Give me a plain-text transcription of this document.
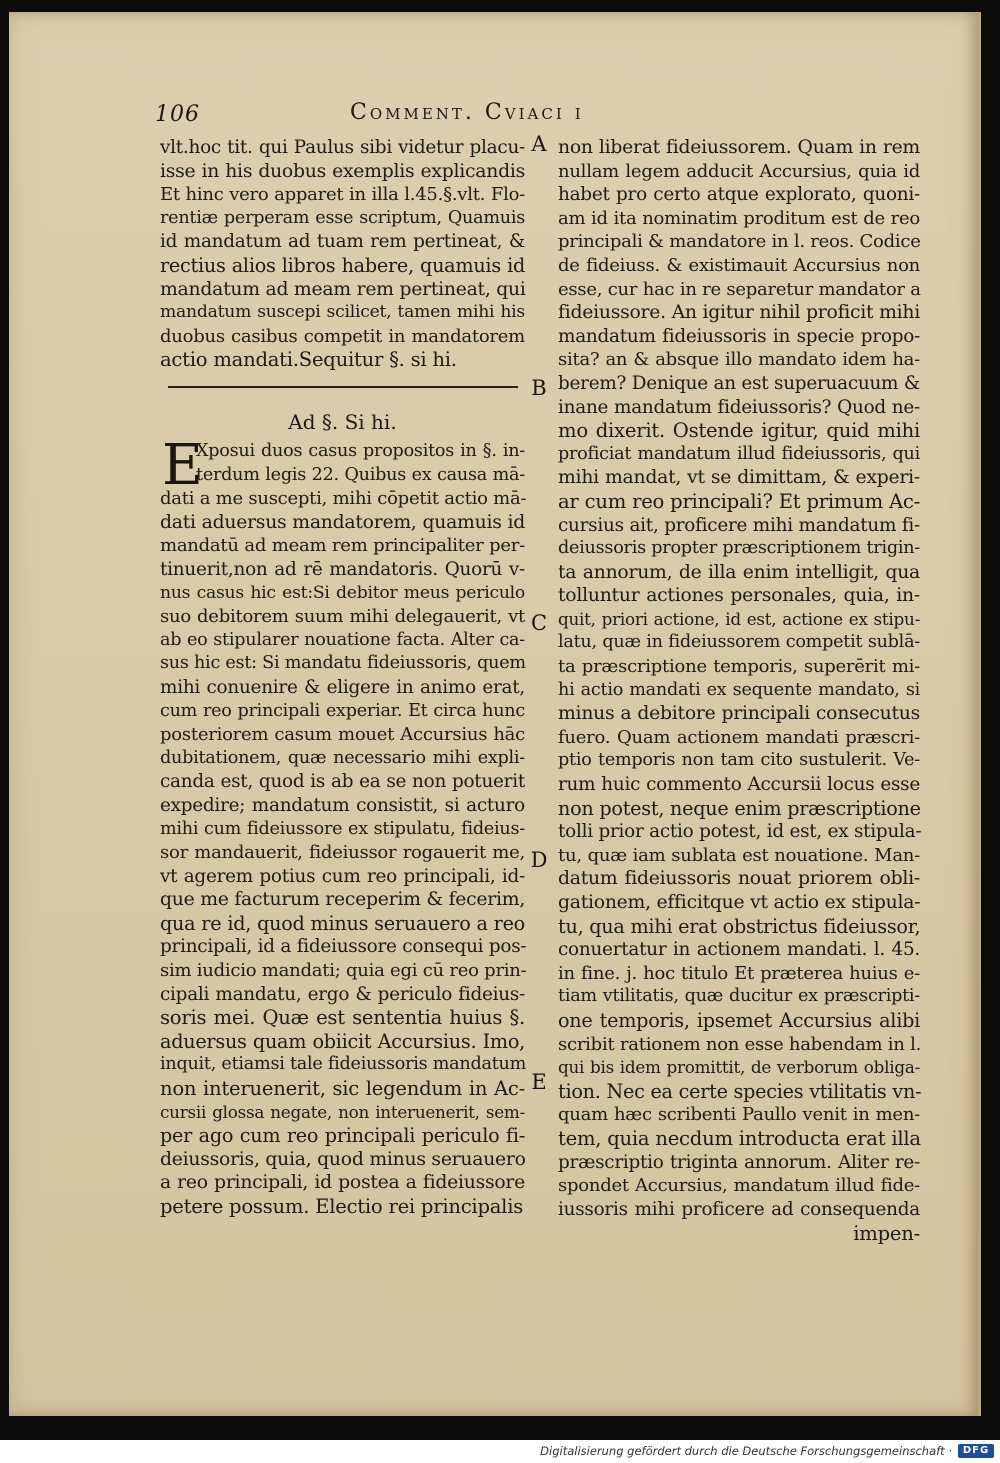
106	Comment. Cviaci i
vlt.hoc tit. qui Paulus sibi videtur placu-
isse in his duobus exemplis explicandis
Et hinc vero apparet in illa l.45.§.vlt. Flo-
rentiæ perperam esse scriptum, Quamuis
id mandatum ad tuam rem pertineat, &
rectius alios libros habere, quamuis id
mandatum ad meam rem pertineat, qui
mandatum suscepi scilicet, tamen mihi his
duobus casibus competit in mandatorem
actio mandati.Sequitur §. si hi.
Ad §. Si hi.
E
Xposui duos casus propositos in §. in-
terdum legis 22. Quibus ex causa mā-
dati a me suscepti, mihi cōpetit actio mā-
dati aduersus mandatorem, quamuis id
mandatū ad meam rem principaliter per-
tinuerit,non ad rē mandatoris. Quorū v-
nus casus hic est:Si debitor meus periculo
suo debitorem suum mihi delegauerit, vt
ab eo stipularer nouatione facta. Alter ca-
sus hic est: Si mandatu fideiussoris, quem
mihi conuenire & eligere in animo erat,
cum reo principali experiar. Et circa hunc
posteriorem casum mouet Accursius hāc
dubitationem, quæ necessario mihi expli-
canda est, quod is ab ea se non potuerit
expedire; mandatum consistit, si acturo
mihi cum fideiussore ex stipulatu, fideius-
sor mandauerit, fideiussor rogauerit me,
vt agerem potius cum reo principali, id-
que me facturum receperim & fecerim,
qua re id, quod minus seruauero a reo
principali, id a fideiussore consequi pos-
sim iudicio mandati; quia egi cū reo prin-
cipali mandatu, ergo & periculo fideius-
soris mei. Quæ est sententia huius §.
aduersus quam obiicit Accursius. Imo,
inquit, etiamsi tale fideiussoris mandatum
non interuenerit, sic legendum in Ac-
cursii glossa negate, non interuenerit, sem-
per ago cum reo principali periculo fi-
deiussoris, quia, quod minus seruauero
a reo principali, id postea a fideiussore
petere possum. Electio rei principalis
A
B
C
D
E
non liberat fideiussorem. Quam in rem
nullam legem adducit Accursius, quia id
habet pro certo atque explorato, quoni-
am id ita nominatim proditum est de reo
principali & mandatore in l. reos. Codice
de fideiuss. & existimauit Accursius non
esse, cur hac in re separetur mandator a
fideiussore. An igitur nihil proficit mihi
mandatum fideiussoris in specie propo-
sita? an & absque illo mandato idem ha-
berem? Denique an est superuacuum &
inane mandatum fideiussoris? Quod ne-
mo dixerit. Ostende igitur, quid mihi
proficiat mandatum illud fideiussoris, qui
mihi mandat, vt se dimittam, & experi-
ar cum reo principali? Et primum Ac-
cursius ait, proficere mihi mandatum fi-
deiussoris propter præscriptionem trigin-
ta annorum, de illa enim intelligit, qua
tolluntur actiones personales, quia, in-
quit, priori actione, id est, actione ex stipu-
latu, quæ in fideiussorem competit sublā-
ta præscriptione temporis, superērit mi-
hi actio mandati ex sequente mandato, si
minus a debitore principali consecutus
fuero. Quam actionem mandati præscri-
ptio temporis non tam cito sustulerit. Ve-
rum huic commento Accursii locus esse
non potest, neque enim præscriptione
tolli prior actio potest, id est, ex stipula-
tu, quæ iam sublata est nouatione. Man-
datum fideiussoris nouat priorem obli-
gationem, efficitque vt actio ex stipula-
tu, qua mihi erat obstrictus fideiussor,
conuertatur in actionem mandati. l. 45.
in fine. j. hoc titulo Et præterea huius e-
tiam vtilitatis, quæ ducitur ex præscripti-
one temporis, ipsemet Accursius alibi
scribit rationem non esse habendam in l.
qui bis idem promittit, de verborum obliga-
tion. Nec ea certe species vtilitatis vn-
quam hæc scribenti Paullo venit in men-
tem, quia necdum introducta erat illa
præscriptio triginta annorum. Aliter re-
spondet Accursius, mandatum illud fide-
iussoris mihi proficere ad consequenda
impen-
Digitalisierung gefördert durch die Deutsche Forschungsgemeinschaft ·	DFG
